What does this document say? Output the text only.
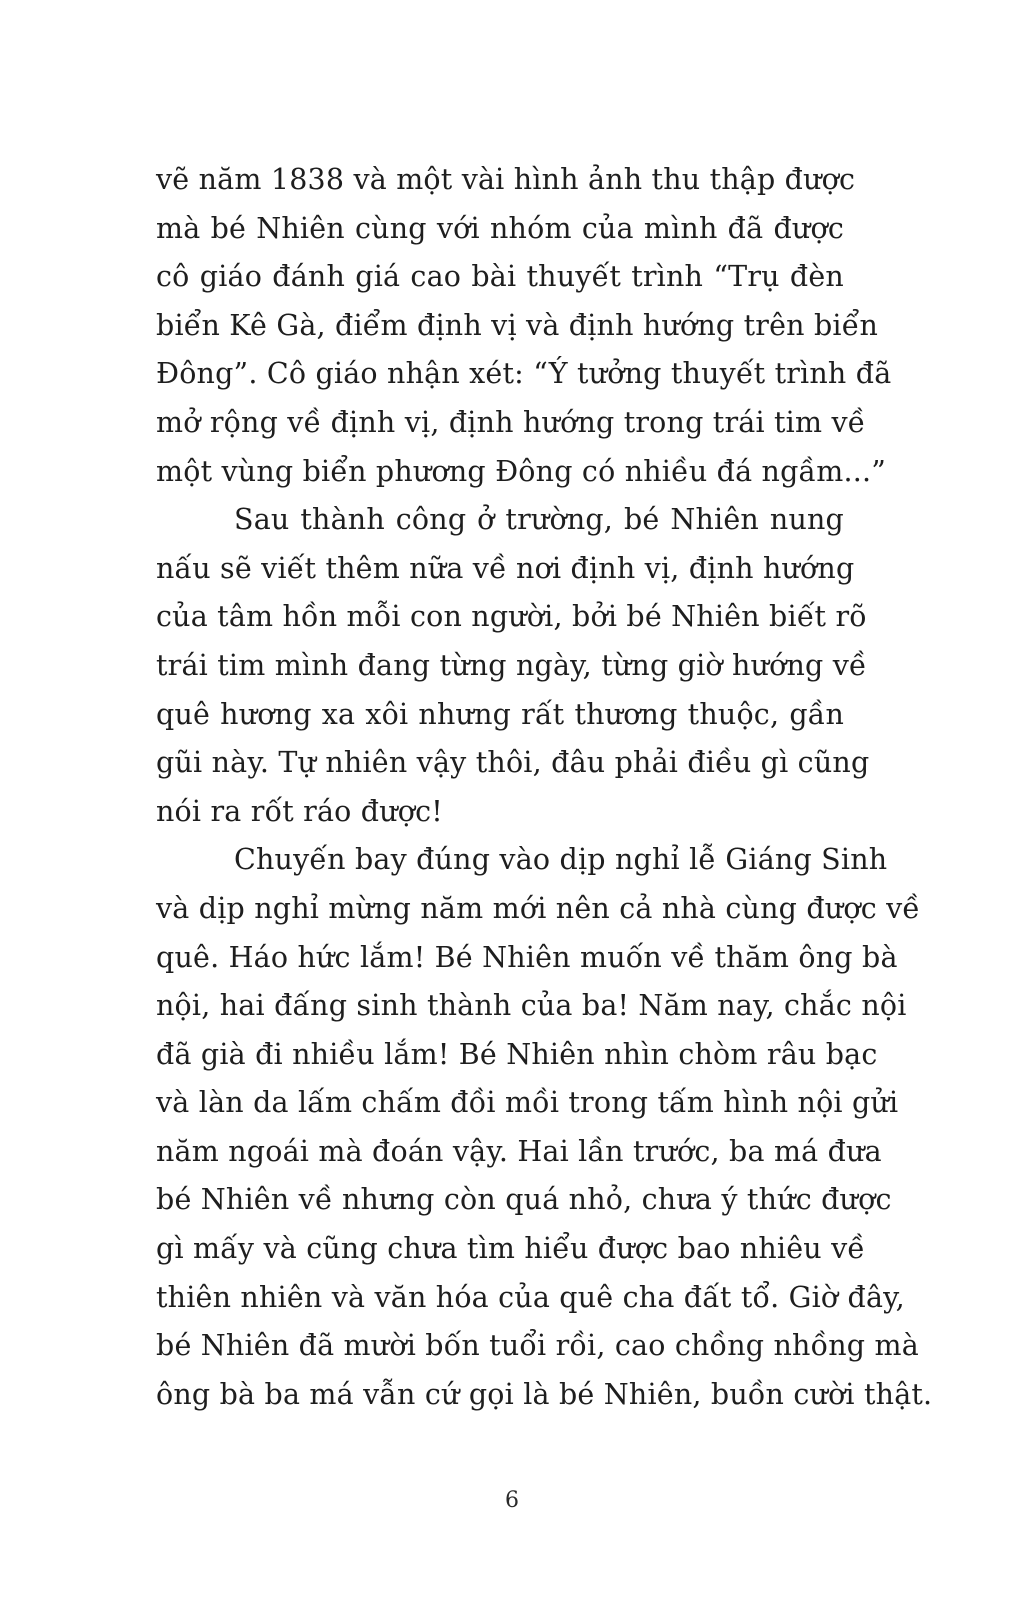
vẽ năm 1838 và một vài hình ảnh thu thập được
mà bé Nhiên cùng với nhóm của mình đã được
cô giáo đánh giá cao bài thuyết trình “Trụ đèn
biển Kê Gà, điểm định vị và định hướng trên biển
Đông”. Cô giáo nhận xét: “Ý tưởng thuyết trình đã
mở rộng về định vị, định hướng trong trái tim về
một vùng biển phương Đông có nhiều đá ngầm...”

Sau thành công ở trường, bé Nhiên nung
nấu sẽ viết thêm nữa về nơi định vị, định hướng
của tâm hồn mỗi con người, bởi bé Nhiên biết rõ
trái tim mình đang từng ngày, từng giờ hướng về
quê hương xa xôi nhưng rất thương thuộc, gần
gũi này. Tự nhiên vậy thôi, đâu phải điều gì cũng
nói ra rốt ráo được!

Chuyến bay đúng vào dịp nghỉ lễ Giáng Sinh
và dịp nghỉ mừng năm mới nên cả nhà cùng được về
quê. Háo hức lắm! Bé Nhiên muốn về thăm ông bà
nội, hai đấng sinh thành của ba! Năm nay, chắc nội
đã già đi nhiều lắm! Bé Nhiên nhìn chòm râu bạc
và làn da lấm chấm đồi mồi trong tấm hình nội gửi
năm ngoái mà đoán vậy. Hai lần trước, ba má đưa
bé Nhiên về nhưng còn quá nhỏ, chưa ý thức được
gì mấy và cũng chưa tìm hiểu được bao nhiêu về
thiên nhiên và văn hóa của quê cha đất tổ. Giờ đây,
bé Nhiên đã mười bốn tuổi rồi, cao chồng nhồng mà
ông bà ba má vẫn cứ gọi là bé Nhiên, buồn cười thật.

6
